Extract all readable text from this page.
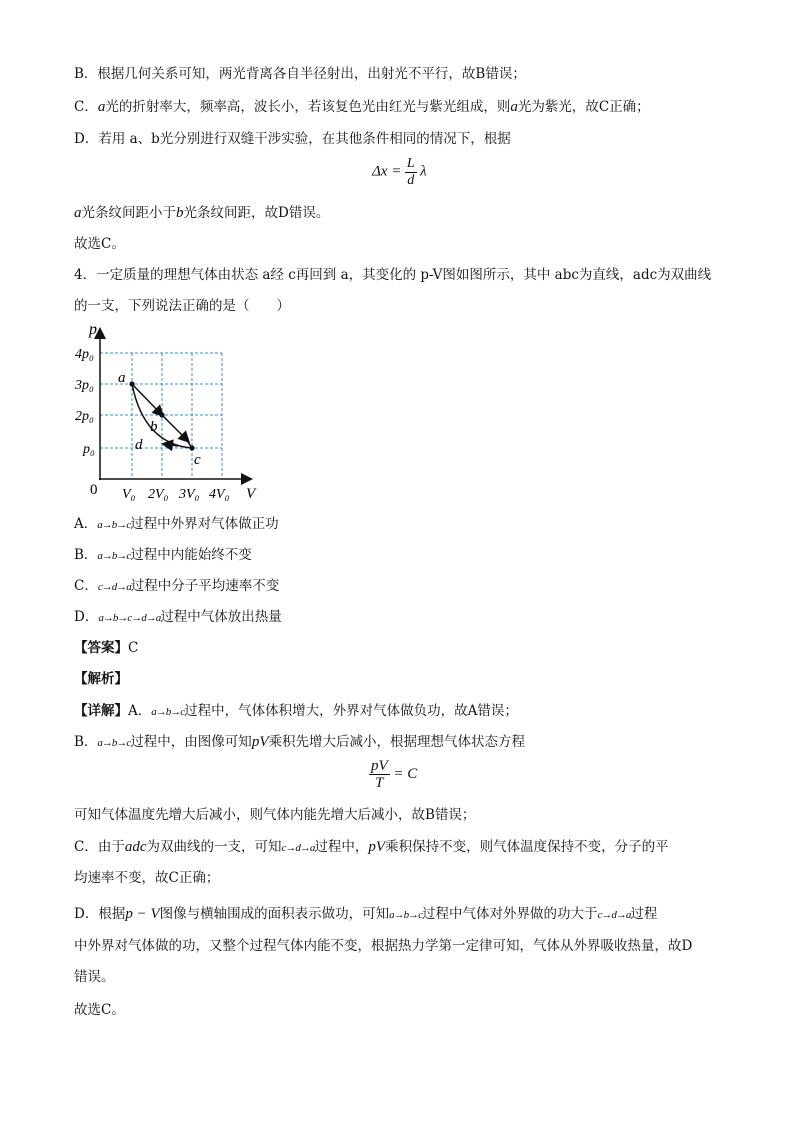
B．根据几何关系可知，两光背离各自半径射出，出射光不平行，故B错误；
C．a光的折射率大，频率高，波长小，若该复色光由红光与紫光组成，则a光为紫光，故C正确；
D．若用 a、b光分别进行双缝干涉实验，在其他条件相同的情况下，根据
$\Delta x = \frac{L}{d}$ λ
a光条纹间距小于b光条纹间距，故D错误。
故选C。
4．一定质量的理想气体由状态 a经 c再回到 a，其变化的 p-V图如图所示，其中 abc为直线，adc为双曲线
的一支，下列说法正确的是（　　）
p
V
0
4p₀
3p₀
2p₀
p₀
V₀ 2V₀ 3V₀ 4V₀
a
b
c
d
A．a→b→c过程中外界对气体做正功
B．a→b→c过程中内能始终不变
C．c→d→a过程中分子平均速率不变
D．a→b→c→d→a过程中气体放出热量
【答案】C
【解析】
【详解】A．a→b→c过程中，气体体积增大，外界对气体做负功，故A错误；
B．a→b→c过程中，由图像可知pV乘积先增大后减小，根据理想气体状态方程
$\frac{pV}{T} = C$
可知气体温度先增大后减小，则气体内能先增大后减小，故B错误；
C．由于adc为双曲线的一支，可知c→d→a过程中，pV乘积保持不变，则气体温度保持不变，分子的平
均速率不变，故C正确；
D．根据p − V图像与横轴围成的面积表示做功，可知a→b→c过程中气体对外界做的功大于c→d→a过程
中外界对气体做的功，又整个过程气体内能不变，根据热力学第一定律可知，气体从外界吸收热量，故D
错误。
故选C。
